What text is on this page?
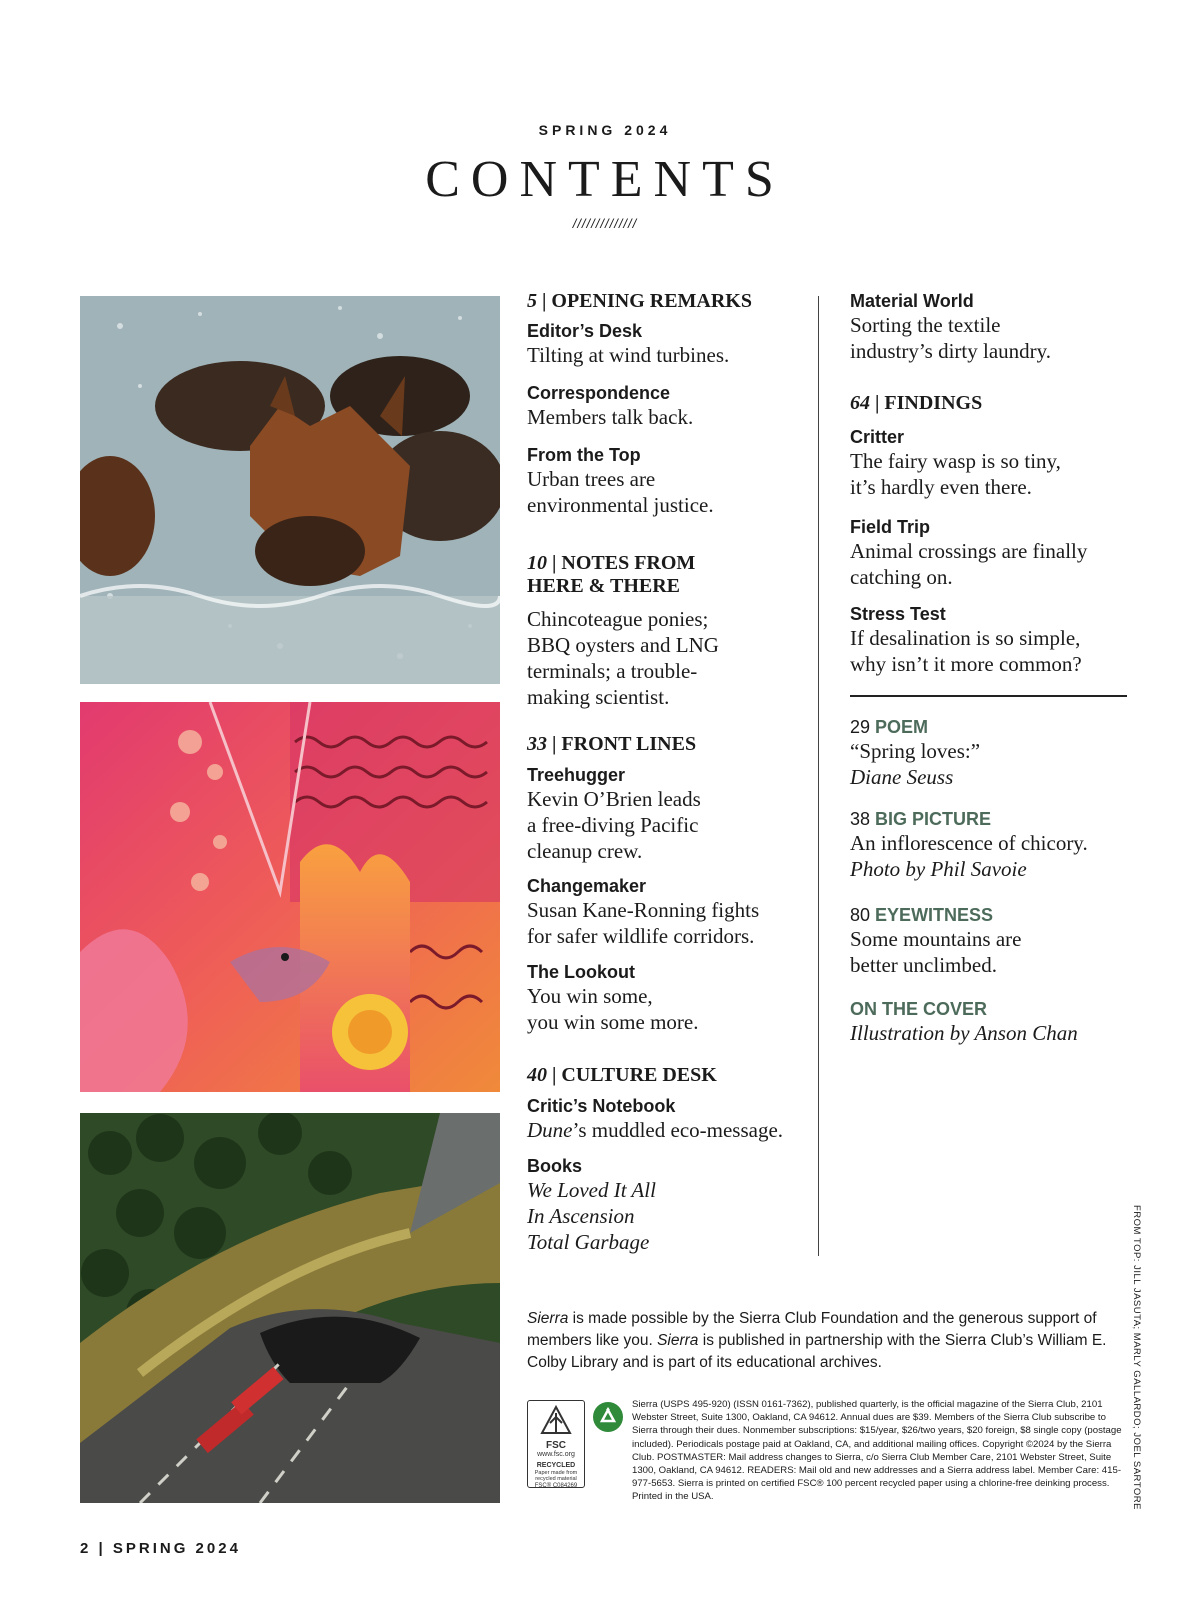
SPRING 2024
CONTENTS
//////////////
5 | OPENING REMARKS
Editor’s Desk
Tilting at wind turbines.
Correspondence
Members talk back.
From the Top
Urban trees are
environmental justice.
10 | NOTES FROM
HERE & THERE
Chincoteague ponies;
BBQ oysters and LNG
terminals; a trouble-
making scientist.
33 | FRONT LINES
Treehugger
Kevin O’Brien leads
a free-diving Pacific
cleanup crew.
Changemaker
Susan Kane-Ronning fights
for safer wildlife corridors.
The Lookout
You win some,
you win some more.
40 | CULTURE DESK
Critic’s Notebook
Dune’s muddled eco-message.
Books
We Loved It All
In Ascension
Total Garbage
Material World
Sorting the textile
industry’s dirty laundry.
64 | FINDINGS
Critter
The fairy wasp is so tiny,
it’s hardly even there.
Field Trip
Animal crossings are finally
catching on.
Stress Test
If desalination is so simple,
why isn’t it more common?
29 POEM
“Spring loves:”
Diane Seuss
38 BIG PICTURE
An inflorescence of chicory.
Photo by Phil Savoie
80 EYEWITNESS
Some mountains are
better unclimbed.
ON THE COVER
Illustration by Anson Chan
Sierra is made possible by the Sierra Club Foundation and the generous support of members like you. Sierra is published in partnership with the Sierra Club’s William E. Colby Library and is part of its educational archives.
FSC
www.fsc.org
RECYCLED
Paper made from recycled material
FSC® C084269
Sierra (USPS 495-920) (ISSN 0161-7362), published quarterly, is the official magazine of the Sierra Club, 2101 Webster Street, Suite 1300, Oakland, CA 94612. Annual dues are $39. Members of the Sierra Club subscribe to Sierra through their dues. Nonmember subscriptions: $15/year, $26/two years, $20 foreign, $8 single copy (postage included). Periodicals postage paid at Oakland, CA, and additional mailing offices. Copyright ©2024 by the Sierra Club. POSTMASTER: Mail address changes to Sierra, c/o Sierra Club Member Care, 2101 Webster Street, Suite 1300, Oakland, CA 94612. READERS: Mail old and new addresses and a Sierra address label. Member Care: 415-977-5653. Sierra is printed on certified FSC® 100 percent recycled paper using a chlorine-free deinking process. Printed in the USA.	FROM TOP: JILL JASUTA; MARLY GALLARDO; JOEL SARTORE
2 | SPRING 2024
